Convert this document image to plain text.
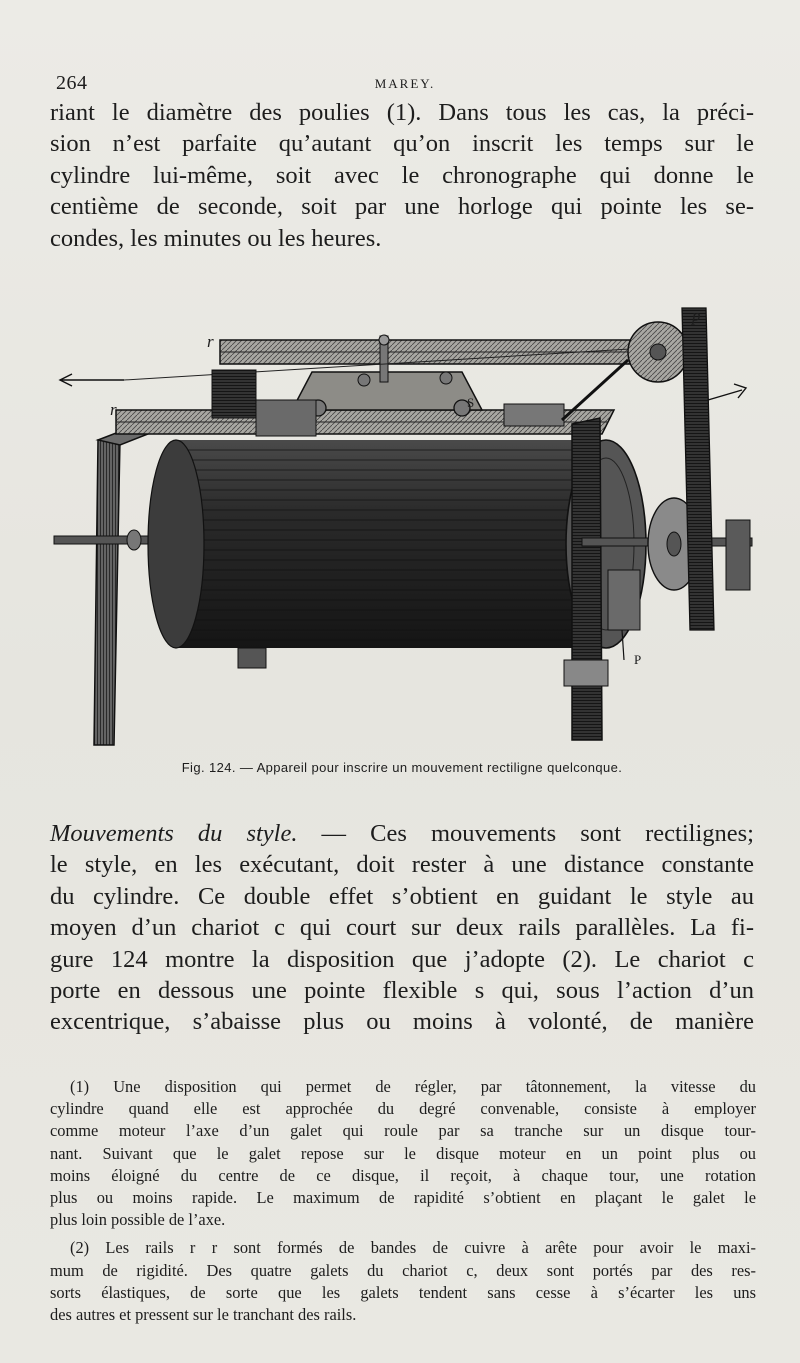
264	MAREY.
riant le diamètre des poulies (1). Dans tous les cas, la préci-
sion n’est parfaite qu’autant qu’on inscrit les temps sur le
cylindre lui-même, soit avec le chronographe qui donne le
centième de seconde, soit par une horloge qui pointe les se-
condes, les minutes ou les heures.
r
r	S
p
P
Fig. 124. — Appareil pour inscrire un mouvement rectiligne quelconque.
Mouvements du style. — Ces mouvements sont rectilignes;
le style, en les exécutant, doit rester à une distance constante
du cylindre. Ce double effet s’obtient en guidant le style au
moyen d’un chariot c qui court sur deux rails parallèles. La fi-
gure 124 montre la disposition que j’adopte (2). Le chariot c
porte en dessous une pointe flexible s qui, sous l’action d’un
excentrique, s’abaisse plus ou moins à volonté, de manière
(1) Une disposition qui permet de régler, par tâtonnement, la vitesse du
cylindre quand elle est approchée du degré convenable, consiste à employer
comme moteur l’axe d’un galet qui roule par sa tranche sur un disque tour-
nant. Suivant que le galet repose sur le disque moteur en un point plus ou
moins éloigné du centre de ce disque, il reçoit, à chaque tour, une rotation
plus ou moins rapide. Le maximum de rapidité s’obtient en plaçant le galet le
plus loin possible de l’axe.
(2) Les rails r r sont formés de bandes de cuivre à arête pour avoir le maxi-
mum de rigidité. Des quatre galets du chariot c, deux sont portés par des res-
sorts élastiques, de sorte que les galets tendent sans cesse à s’écarter les uns
des autres et pressent sur le tranchant des rails.
